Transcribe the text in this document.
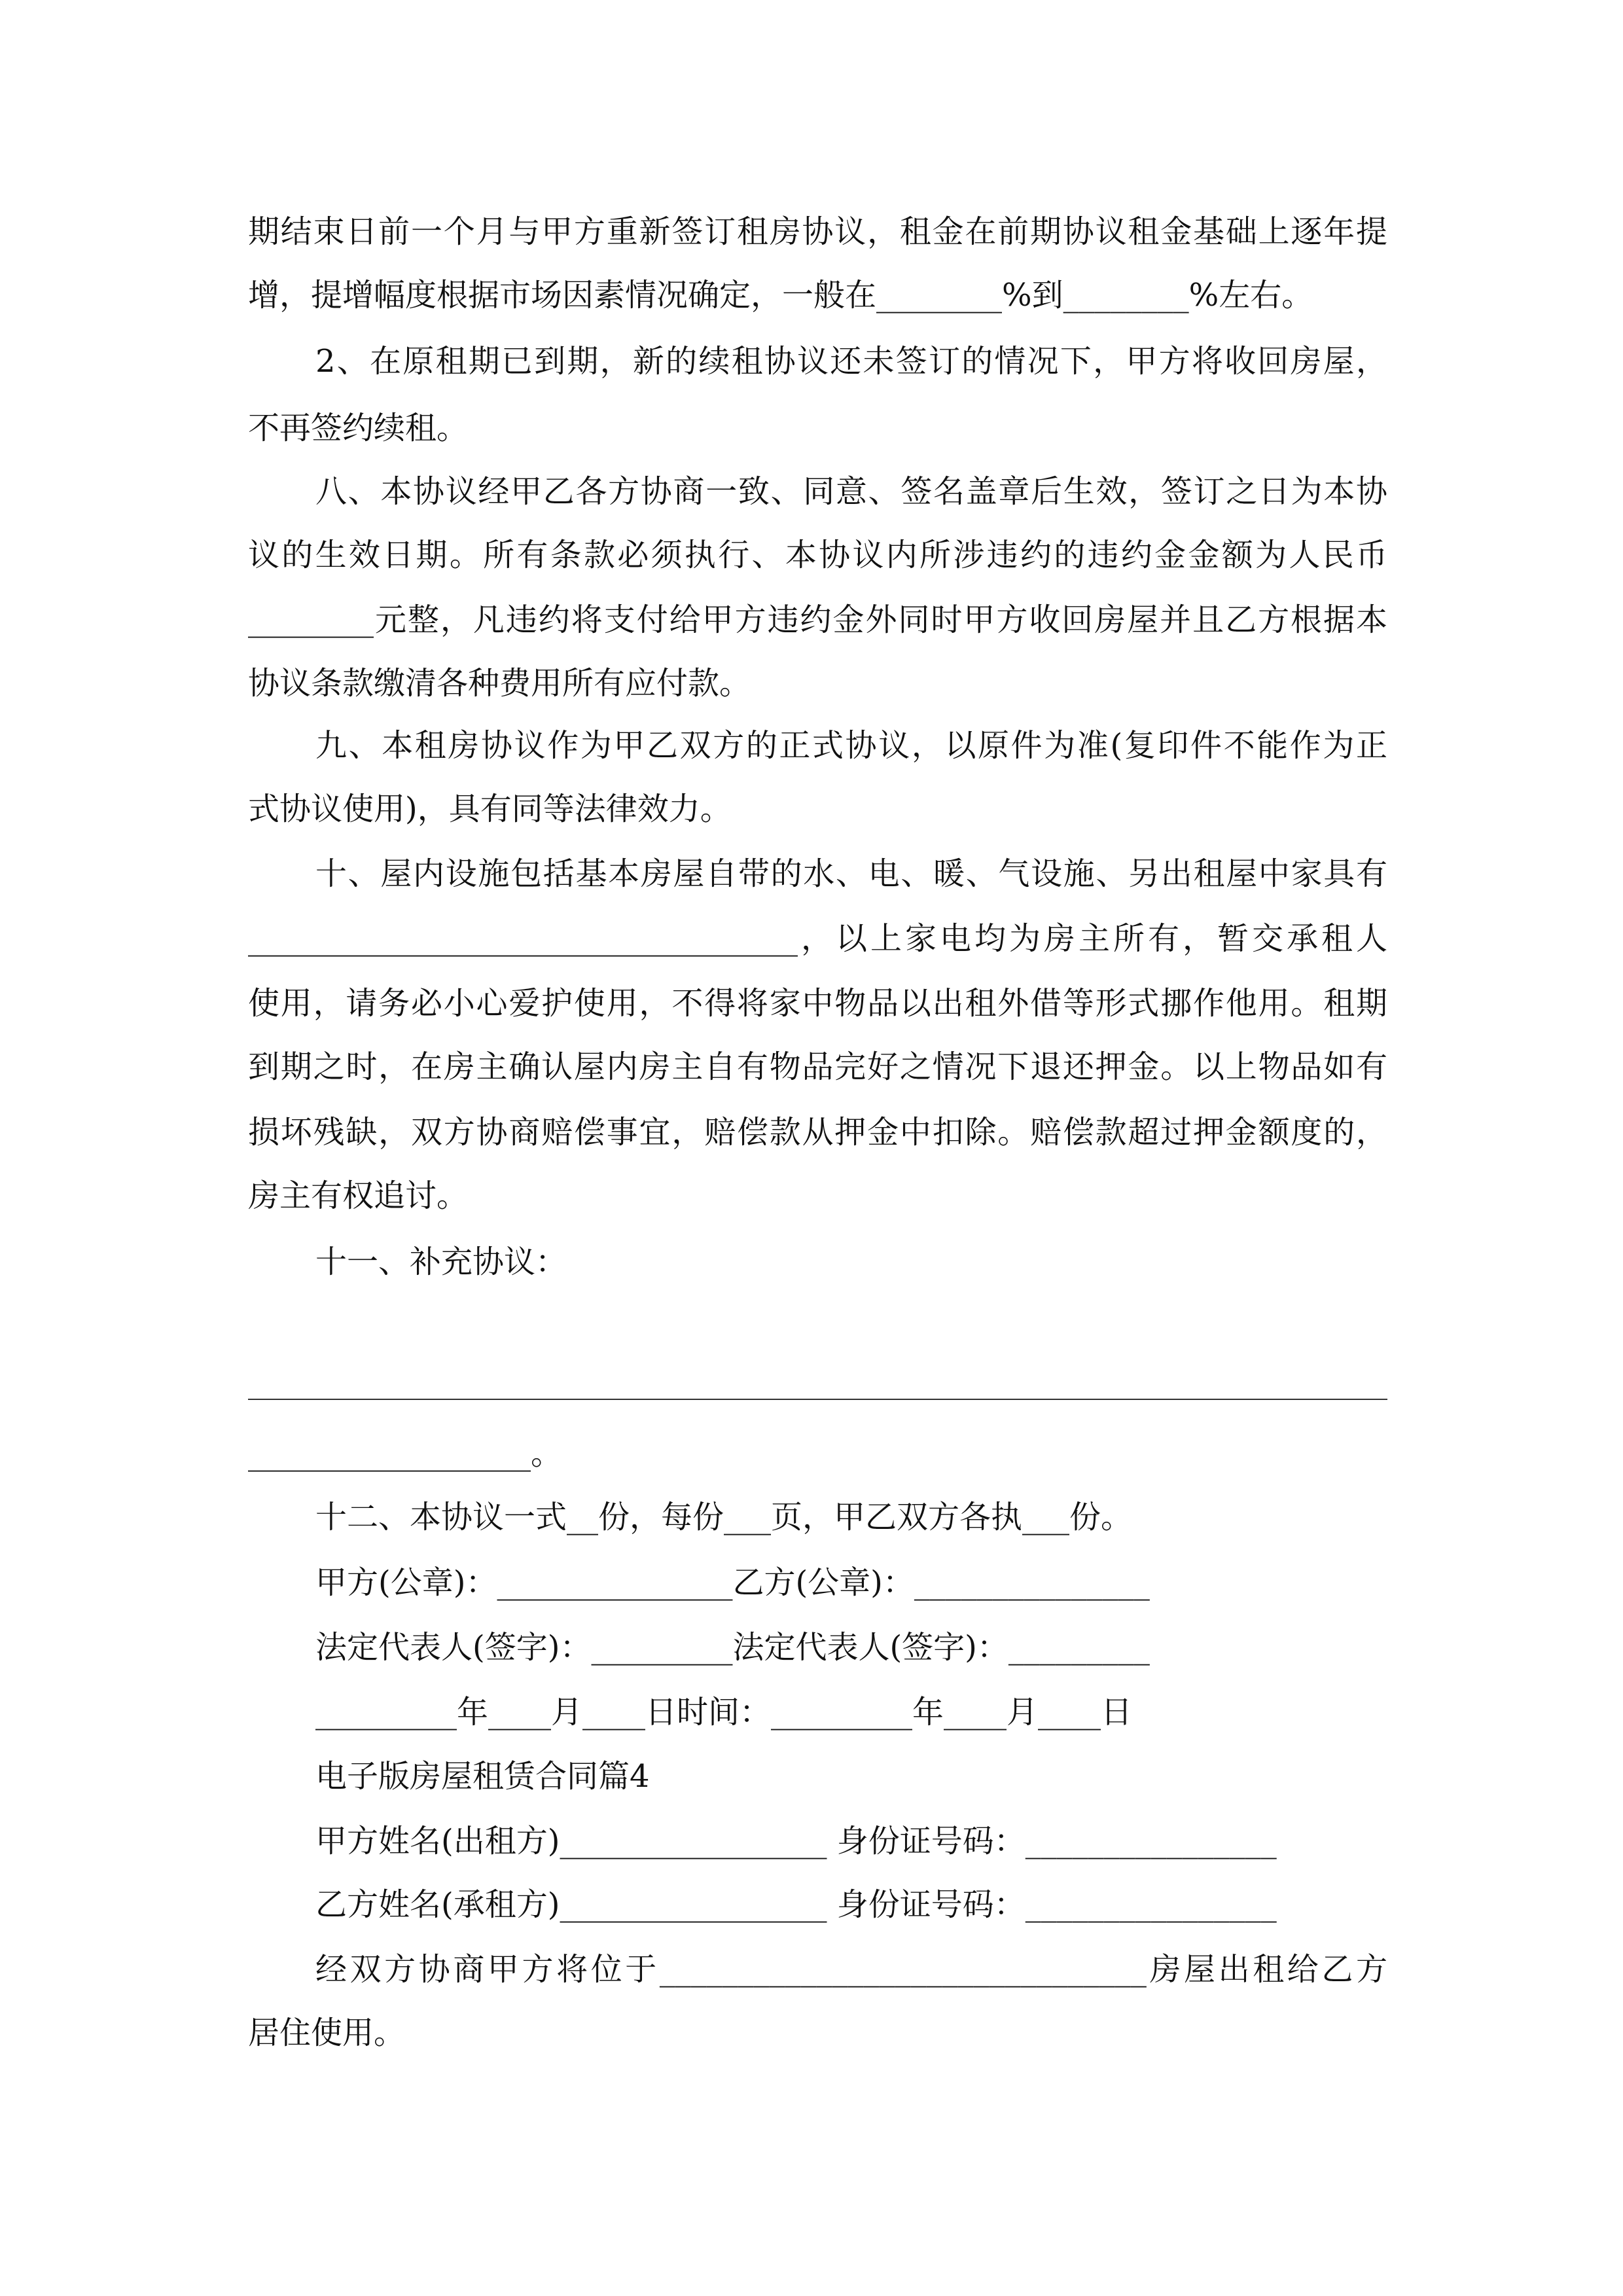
期结束日前一个月与甲方重新签订租房协议，租金在前期协议租金基础上逐年提
增，提增幅度根据市场因素情况确定，一般在________%到________%左右。
2、在原租期已到期，新的续租协议还未签订的情况下，甲方将收回房屋，
不再签约续租。
八、本协议经甲乙各方协商一致、同意、签名盖章后生效，签订之日为本协
议的生效日期。所有条款必须执行、本协议内所涉违约的违约金金额为人民币
________元整，凡违约将支付给甲方违约金外同时甲方收回房屋并且乙方根据本
协议条款缴清各种费用所有应付款。
九、本租房协议作为甲乙双方的正式协议，以原件为准(复印件不能作为正
式协议使用)，具有同等法律效力。
十、屋内设施包括基本房屋自带的水、电、暖、气设施、另出租屋中家具有
___________________________________，以上家电均为房主所有，暂交承租人
使用，请务必小心爱护使用，不得将家中物品以出租外借等形式挪作他用。租期
到期之时，在房主确认屋内房主自有物品完好之情况下退还押金。以上物品如有
损坏残缺，双方协商赔偿事宜，赔偿款从押金中扣除。赔偿款超过押金额度的，
房主有权追讨。
十一、补充协议：
__________________。
十二、本协议一式__份，每份___页，甲乙双方各执___份。
甲方(公章)：_______________乙方(公章)：_______________
法定代表人(签字)：_________法定代表人(签字)：_________
_________年____月____日时间：_________年____月____日
电子版房屋租赁合同篇4
甲方姓名(出租方)_________________ 身份证号码：________________
乙方姓名(承租方)_________________ 身份证号码：________________
经双方协商甲方将位于_______________________________房屋出租给乙方
居住使用。
